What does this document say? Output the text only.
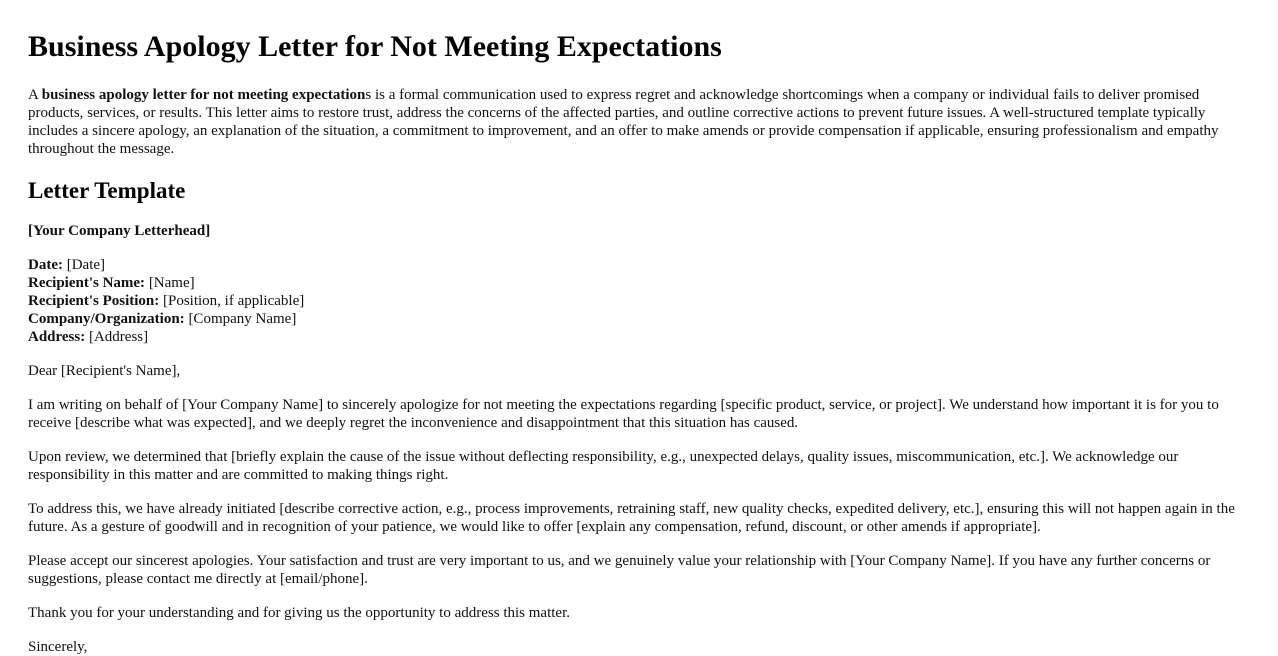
Business Apology Letter for Not Meeting Expectations

A business apology letter for not meeting expectations is a formal communication used to express regret and acknowledge shortcomings when a company or individual fails to deliver promised products, services, or results. This letter aims to restore trust, address the concerns of the affected parties, and outline corrective actions to prevent future issues. A well-structured template typically includes a sincere apology, an explanation of the situation, a commitment to improvement, and an offer to make amends or provide compensation if applicable, ensuring professionalism and empathy throughout the message.

Letter Template

[Your Company Letterhead]

Date: [Date]
Recipient's Name: [Name]
Recipient's Position: [Position, if applicable]
Company/Organization: [Company Name]
Address: [Address]

Dear [Recipient's Name],

I am writing on behalf of [Your Company Name] to sincerely apologize for not meeting the expectations regarding [specific product, service, or project]. We understand how important it is for you to receive [describe what was expected], and we deeply regret the inconvenience and disappointment that this situation has caused.

Upon review, we determined that [briefly explain the cause of the issue without deflecting responsibility, e.g., unexpected delays, quality issues, miscommunication, etc.]. We acknowledge our responsibility in this matter and are committed to making things right.

To address this, we have already initiated [describe corrective action, e.g., process improvements, retraining staff, new quality checks, expedited delivery, etc.], ensuring this will not happen again in the future. As a gesture of goodwill and in recognition of your patience, we would like to offer [explain any compensation, refund, discount, or other amends if appropriate].

Please accept our sincerest apologies. Your satisfaction and trust are very important to us, and we genuinely value your relationship with [Your Company Name]. If you have any further concerns or suggestions, please contact me directly at [email/phone].

Thank you for your understanding and for giving us the opportunity to address this matter.

Sincerely,
